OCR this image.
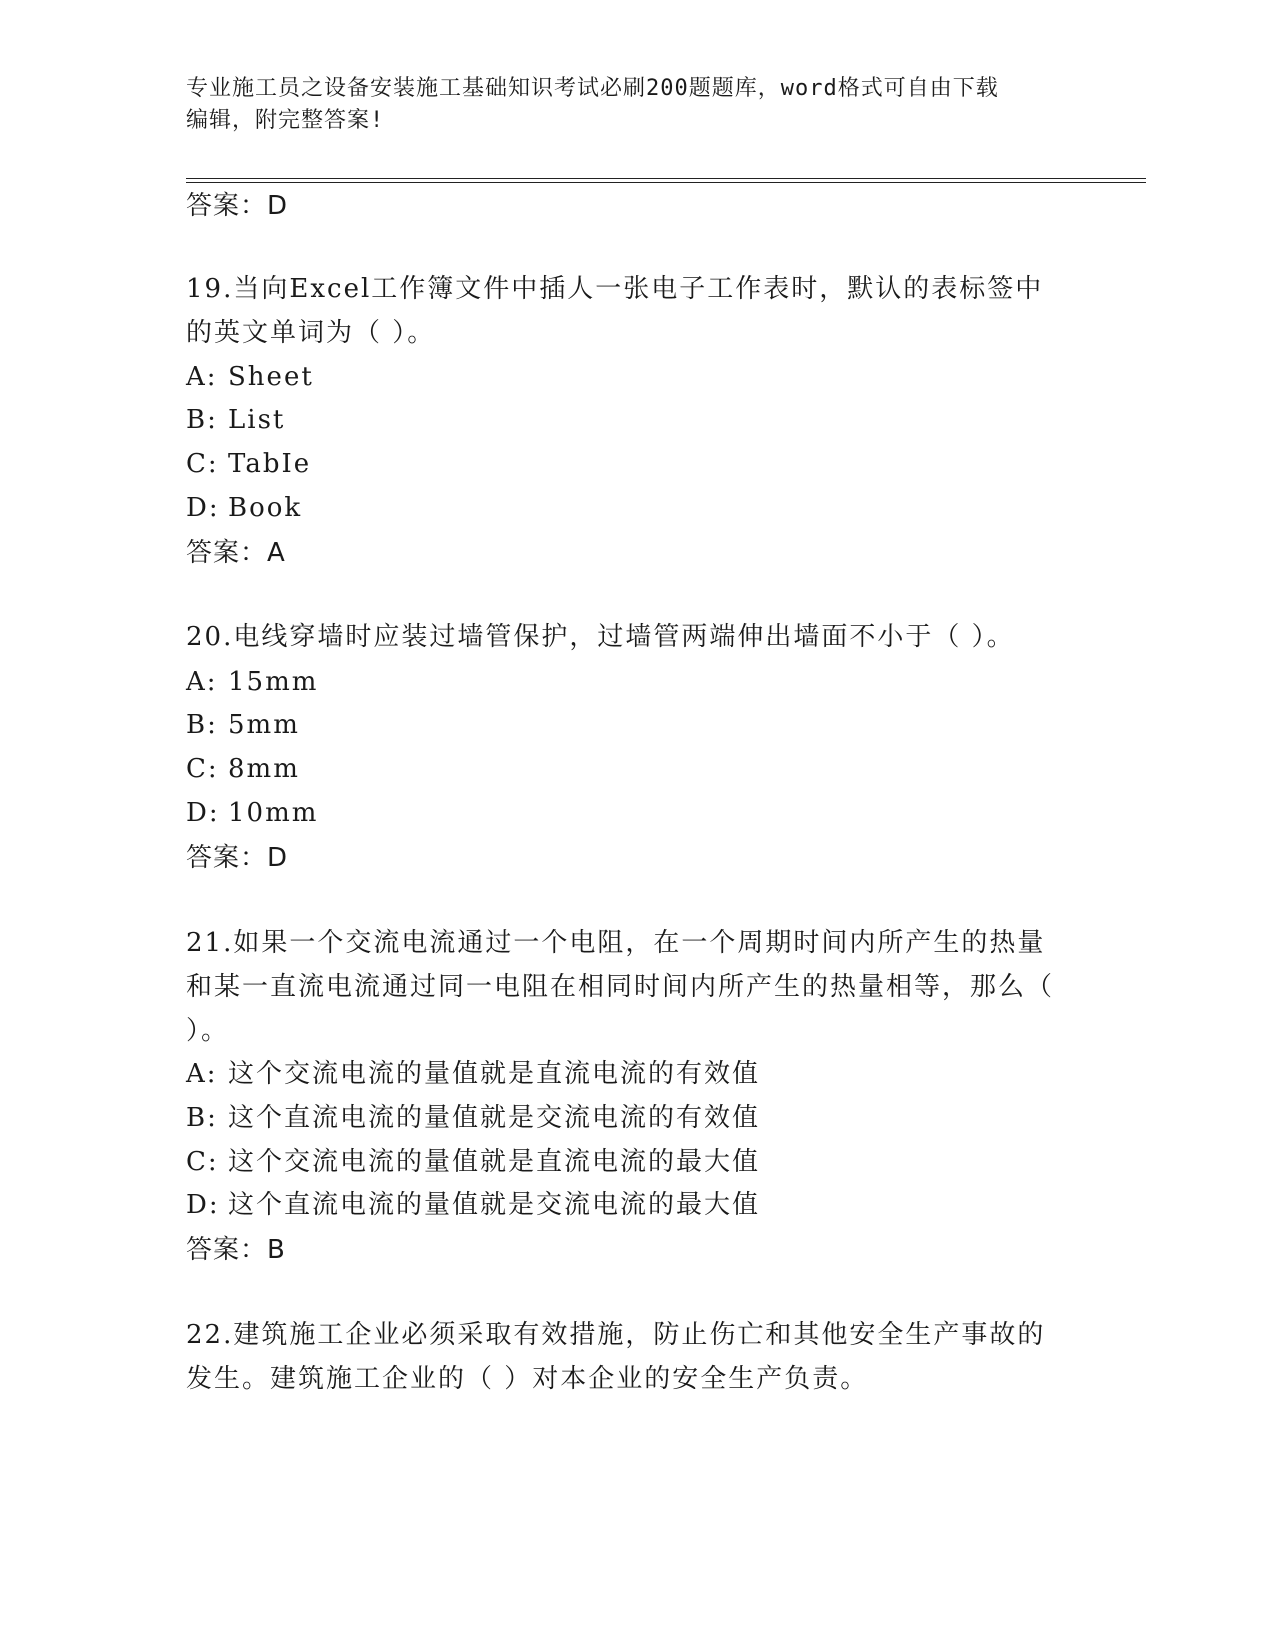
专业施工员之设备安装施工基础知识考试必刷200题题库，word格式可自由下载
编辑，附完整答案!
答案：D
19.当向Excel工作簿文件中插人一张电子工作表时，默认的表标签中的英文单词为（ ）。
A: Sheet
B: List
C: TabIe
D: Book
答案：A
20.电线穿墙时应装过墙管保护，过墙管两端伸出墙面不小于（ ）。
A: 15mm
B: 5mm
C: 8mm
D: 10mm
答案：D
21.如果一个交流电流通过一个电阻，在一个周期时间内所产生的热量和某一直流电流通过同一电阻在相同时间内所产生的热量相等，那么（ ）。
A: 这个交流电流的量值就是直流电流的有效值
B: 这个直流电流的量值就是交流电流的有效值
C: 这个交流电流的量值就是直流电流的最大值
D: 这个直流电流的量值就是交流电流的最大值
答案：B
22.建筑施工企业必须采取有效措施，防止伤亡和其他安全生产事故的发生。建筑施工企业的（ ）对本企业的安全生产负责。
